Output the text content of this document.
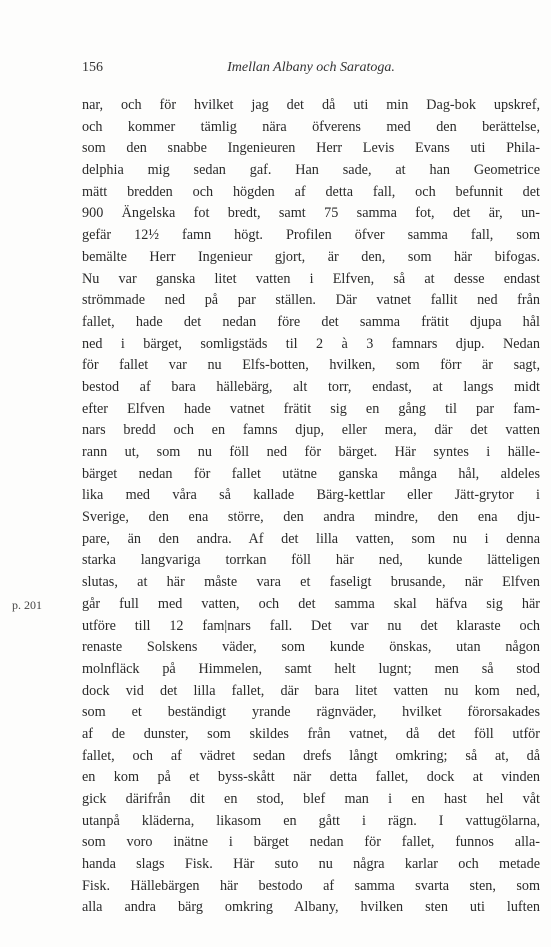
156	Imellan Albany och Saratoga.
p. 201
nar, och för hvilket jag det då uti min Dag-bok upskref,
och kommer tämlig nära öfverens med den berättelse,
som den snabbe Ingenieuren Herr Levis Evans uti Phila-
delphia mig sedan gaf. Han sade, at han Geometrice
mätt bredden och högden af detta fall, och befunnit det
900 Ängelska fot bredt, samt 75 samma fot, det är, un-
gefär 12½ famn högt. Profilen öfver samma fall, som
bemälte Herr Ingenieur gjort, är den, som här bifogas.
Nu var ganska litet vatten i Elfven, så at desse endast
strömmade ned på par ställen. Där vatnet fallit ned från
fallet, hade det nedan före det samma frätit djupa hål
ned i bärget, somligstäds til 2 à 3 famnars djup. Nedan
för fallet var nu Elfs-botten, hvilken, som förr är sagt,
bestod af bara hällebärg, alt torr, endast, at langs midt
efter Elfven hade vatnet frätit sig en gång til par fam-
nars bredd och en famns djup, eller mera, där det vatten
rann ut, som nu föll ned för bärget. Här syntes i hälle-
bärget nedan för fallet utätne ganska många hål, aldeles
lika med våra så kallade Bärg-kettlar eller Jätt-grytor i
Sverige, den ena större, den andra mindre, den ena dju-
pare, än den andra. Af det lilla vatten, som nu i denna
starka langvariga torrkan föll här ned, kunde lätteligen
slutas, at här måste vara et faseligt brusande, när Elfven
går full med vatten, och det samma skal häfva sig här
utföre till 12 fam|nars fall. Det var nu det klaraste och
renaste Solskens väder, som kunde önskas, utan någon
molnfläck på Himmelen, samt helt lugnt; men så stod
dock vid det lilla fallet, där bara litet vatten nu kom ned,
som et beständigt yrande rägnväder, hvilket förorsakades
af de dunster, som skildes från vatnet, då det föll utför
fallet, och af vädret sedan drefs långt omkring; så at, då
en kom på et byss-skått när detta fallet, dock at vinden
gick därifrån dit en stod, blef man i en hast hel våt
utanpå kläderna, likasom en gått i rägn. I vattugölarna,
som voro inätne i bärget nedan för fallet, funnos alla-
handa slags Fisk. Här suto nu några karlar och metade
Fisk. Hällebärgen här bestodo af samma svarta sten, som
alla andra bärg omkring Albany, hvilken sten uti luften
